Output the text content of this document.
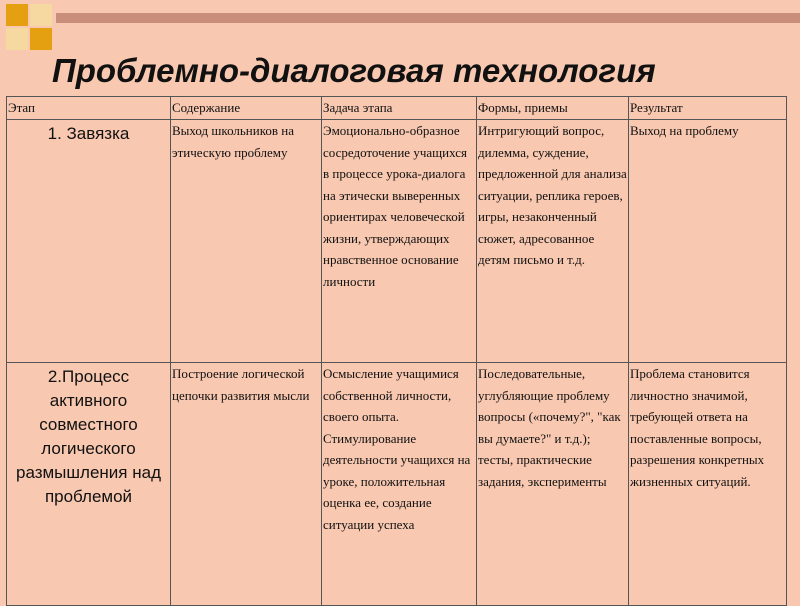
Проблемно-диалоговая технология
Этап	Содержание	Задача этапа	Формы, приемы	Результат
1. Завязка	Выход школьников на этическую проблему	Эмоционально-образное сосредоточение учащихся в процессе урока-диалога на этически выверенных ориентирах человеческой жизни, утверждающих нравственное основание личности	Интригующий вопрос, дилемма, суждение, предложенной для анализа ситуации, реплика героев, игры, незаконченный сюжет, адресованное детям письмо и т.д.	Выход на проблему
2.Процесс активного совместного логического размышления над проблемой	Построение логической цепочки развития мысли	Осмысление учащимися собственной личности, своего опыта. Стимулирование деятельности учащихся на уроке, положительная оценка ее, создание ситуации успеха	Последовательные, углубляющие проблему вопросы («почему?", "как вы думаете?" и т.д.); тесты, практические задания, эксперименты	Проблема становится личностно значимой, требующей ответа на поставленные вопросы, разрешения конкретных жизненных ситуаций.
